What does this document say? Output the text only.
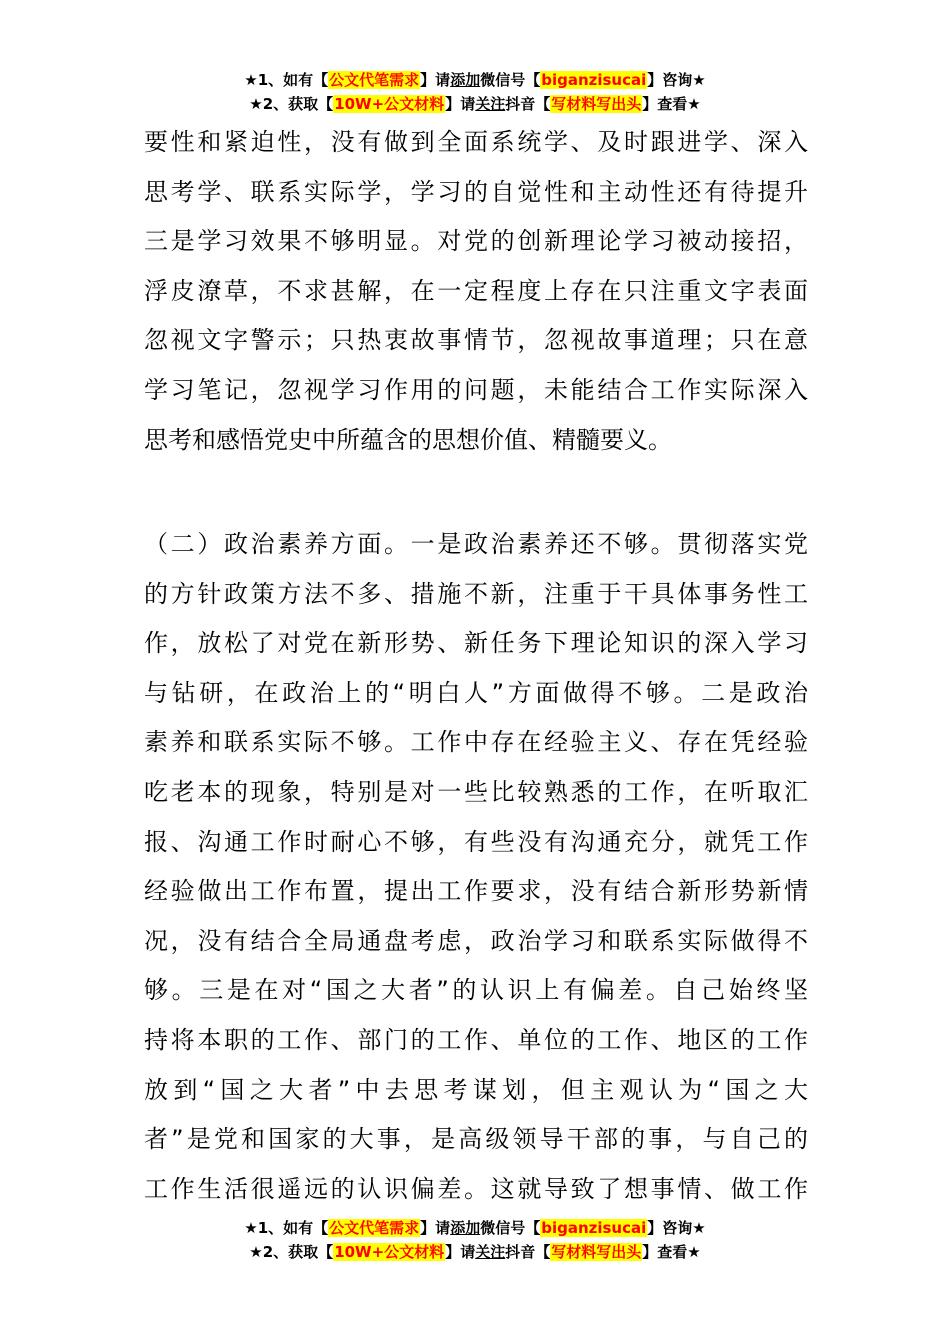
★1、如有【公文代笔需求】请添加微信号【biganzisucai】咨询★
★2、获取【10W+公文材料】请关注抖音【写材料写出头】查看★
要性和紧迫性，没有做到全面系统学、及时跟进学、深入
思考学、联系实际学，学习的自觉性和主动性还有待提升
三是学习效果不够明显。对党的创新理论学习被动接招，
浮皮潦草，不求甚解，在一定程度上存在只注重文字表面
忽视文字警示；只热衷故事情节，忽视故事道理；只在意
学习笔记，忽视学习作用的问题，未能结合工作实际深入
思考和感悟党史中所蕴含的思想价值、精髓要义。
（二）政治素养方面。一是政治素养还不够。贯彻落实党
的方针政策方法不多、措施不新，注重于干具体事务性工
作，放松了对党在新形势、新任务下理论知识的深入学习
与钻研，在政治上的“明白人”方面做得不够。二是政治
素养和联系实际不够。工作中存在经验主义、存在凭经验
吃老本的现象，特别是对一些比较熟悉的工作，在听取汇
报、沟通工作时耐心不够，有些没有沟通充分，就凭工作
经验做出工作布置，提出工作要求，没有结合新形势新情
况，没有结合全局通盘考虑，政治学习和联系实际做得不
够。三是在对“国之大者”的认识上有偏差。自己始终坚
持将本职的工作、部门的工作、单位的工作、地区的工作
放到“国之大者”中去思考谋划，但主观认为“国之大
者”是党和国家的大事，是高级领导干部的事，与自己的
工作生活很遥远的认识偏差。这就导致了想事情、做工作
★1、如有【公文代笔需求】请添加微信号【biganzisucai】咨询★
★2、获取【10W+公文材料】请关注抖音【写材料写出头】查看★
